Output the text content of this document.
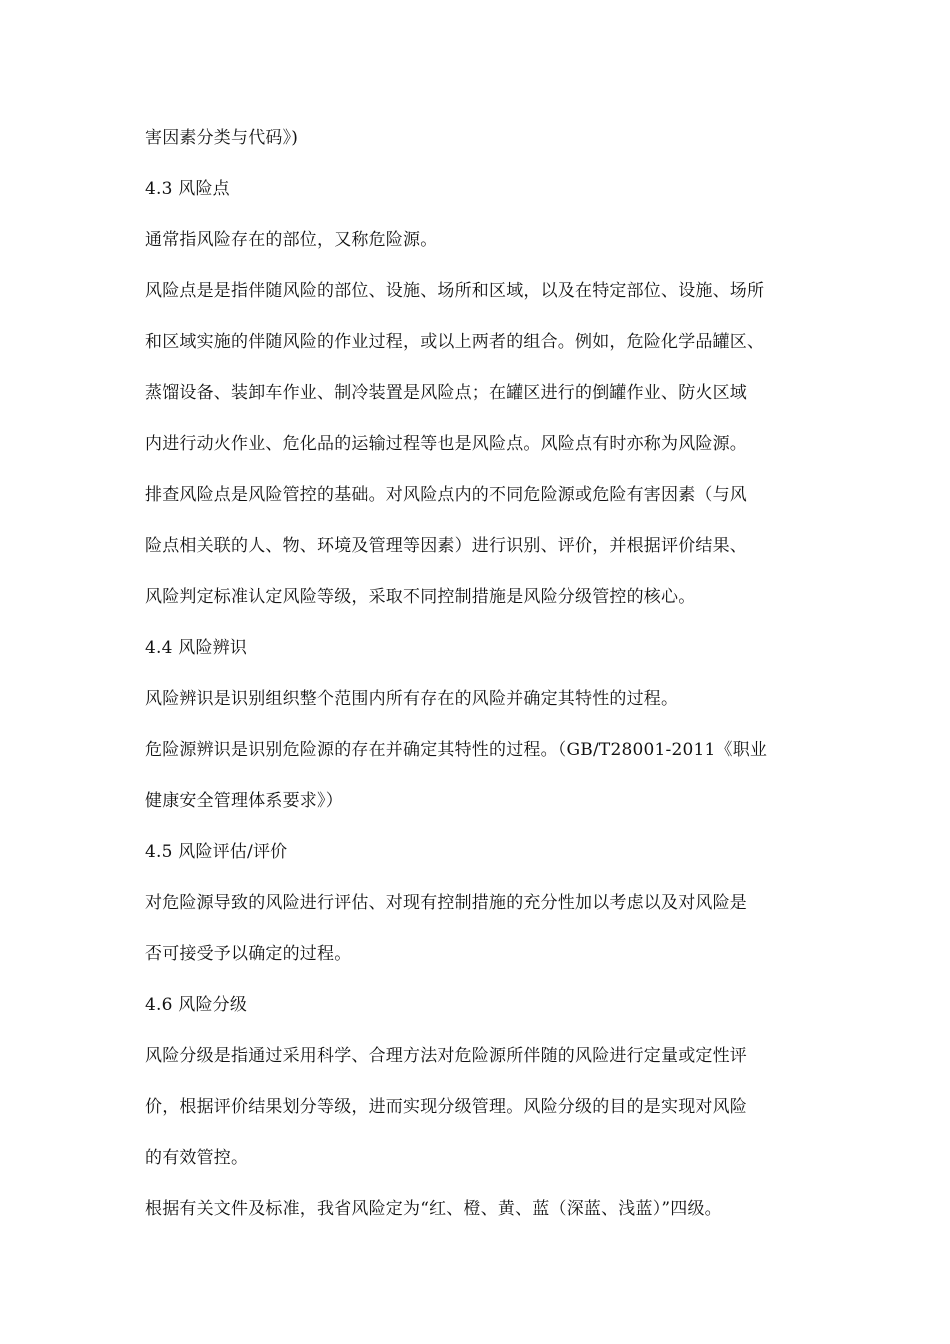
害因素分类与代码》)
4.3 风险点
通常指风险存在的部位，又称危险源。
风险点是是指伴随风险的部位、设施、场所和区域，以及在特定部位、设施、场所
和区域实施的伴随风险的作业过程，或以上两者的组合。例如，危险化学品罐区、
蒸馏设备、装卸车作业、制冷装置是风险点；在罐区进行的倒罐作业、防火区域
内进行动火作业、危化品的运输过程等也是风险点。风险点有时亦称为风险源。
排查风险点是风险管控的基础。对风险点内的不同危险源或危险有害因素（与风
险点相关联的人、物、环境及管理等因素）进行识别、评价，并根据评价结果、
风险判定标准认定风险等级，采取不同控制措施是风险分级管控的核心。
4.4 风险辨识
风险辨识是识别组织整个范围内所有存在的风险并确定其特性的过程。
危险源辨识是识别危险源的存在并确定其特性的过程。（GB/T28001-2011《职业
健康安全管理体系要求》）
4.5 风险评估/评价
对危险源导致的风险进行评估、对现有控制措施的充分性加以考虑以及对风险是
否可接受予以确定的过程。
4.6 风险分级
风险分级是指通过采用科学、合理方法对危险源所伴随的风险进行定量或定性评
价，根据评价结果划分等级，进而实现分级管理。风险分级的目的是实现对风险
的有效管控。
根据有关文件及标准，我省风险定为“红、橙、黄、蓝（深蓝、浅蓝）”四级。
